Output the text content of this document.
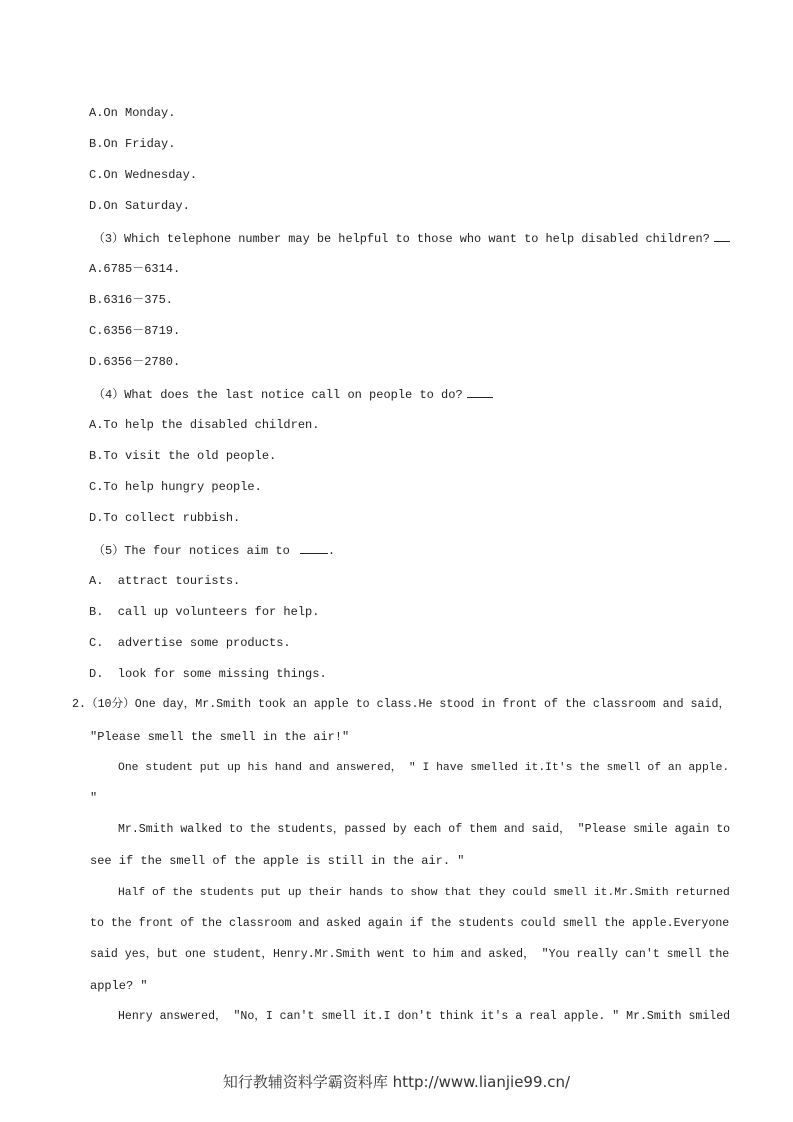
A.On Monday.
B.On Friday.
C.On Wednesday.
D.On Saturday.
（3）Which telephone number may be helpful to those who want to help disabled children?
A.6785－6314.
B.6316－375.
C.6356－8719.
D.6356－2780.
（4）What does the last notice call on people to do?
A.To help the disabled children.
B.To visit the old people.
C.To help hungry people.
D.To collect rubbish.
（5）The four notices aim to	.
A.  attract tourists.
B.  call up volunteers for help.
C.  advertise some products.
D.  look for some missing things.
2.（10分）One day，Mr.Smith took an apple to class.He stood in front of the classroom and said，
"Please smell the smell in the air!"
One student put up his hand and answered， " I have smelled it.It's the smell of an apple.
"
Mr.Smith walked to the students，passed by each of them and said， "Please smile again to
see if the smell of the apple is still in the air. "
Half of the students put up their hands to show that they could smell it.Mr.Smith returned
to the front of the classroom and asked again if the students could smell the apple.Everyone
said yes，but one student，Henry.Mr.Smith went to him and asked， "You really can't smell the
apple? "
Henry answered， "No，I can't smell it.I don't think it's a real apple. " Mr.Smith smiled
知行教辅资料学霸资料库 http://www.lianjie99.cn/
